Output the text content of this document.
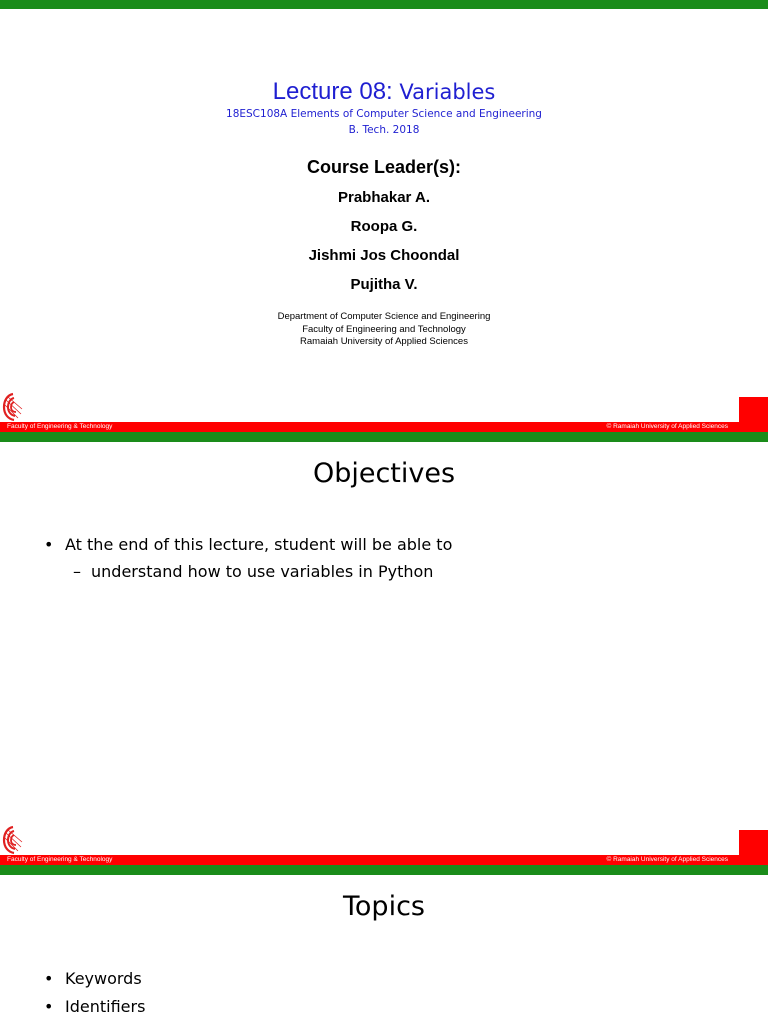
Lecture 08: Variables
18ESC108A Elements of Computer Science and Engineering
B. Tech. 2018
Course Leader(s):
Prabhakar A.
Roopa G.
Jishmi Jos Choondal
Pujitha V.
Department of Computer Science and Engineering
Faculty of Engineering and Technology
Ramaiah University of Applied Sciences
Faculty of Engineering & Technology	© Ramaiah University of Applied Sciences
Objectives
• At the end of this lecture, student will be able to
– understand how to use variables in Python
Faculty of Engineering & Technology	© Ramaiah University of Applied Sciences
Topics
• Keywords
• Identifiers
